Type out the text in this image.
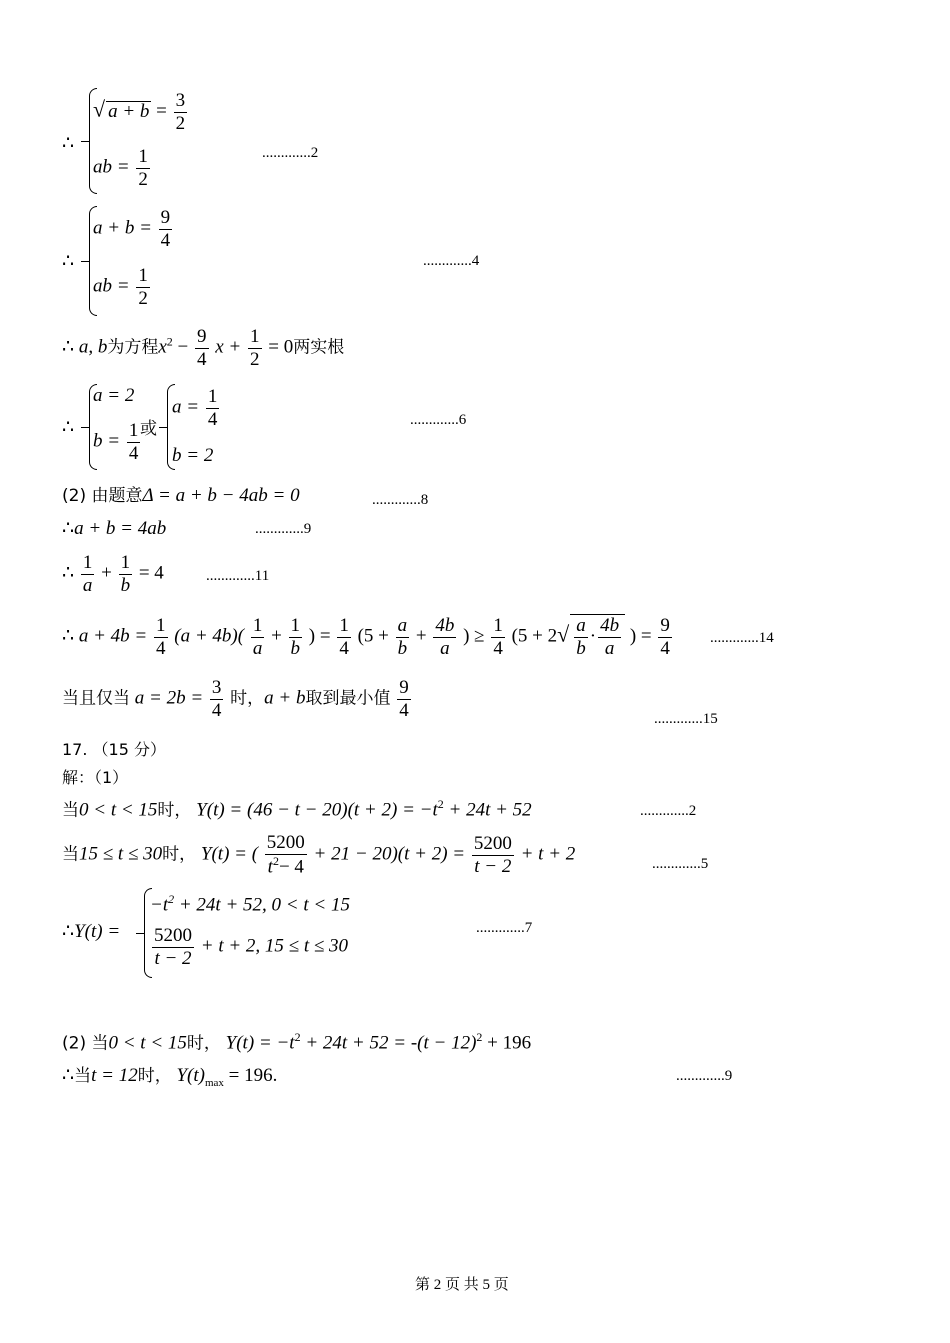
∴
√ $a + b = \frac{3}{2}$
ab = $\frac{1}{2}$	.............2
∴
$a + b = \frac{9}{4}$
ab = $\frac{1}{2}$
.............4
∴ a, b为方程$x^2 - \frac{9}{4}$ $x + \frac{1}{2} = 0$两实根
∴
a = 2
$b = \frac{1}{4}$ 或
$a = \frac{1}{4}$
b = 2
.............6
(2) 由题意Δ = a + b − 4ab = 0	.............8
∴a + b = 4ab	.............9
∴ $\frac{1}{a} + \frac{1}{b} = 4$	.............11
∴ $a + 4b = \frac{1}{4} (a + 4b)( \frac{1}{a} + \frac{1}{b}$ ) = $\frac{1}{4} (5 + \frac{a}{b} + \frac{4b}{a}$ ) ≥ $\frac{1}{4} (5 + 2√ \frac{a}{b} \cdot \frac{4b}{a}$ ) = $\frac{9}{4}$	.............14
当且仅当 $a = 2b = \frac{3}{4}$ 时，a + b取到最小值 $\frac{9}{4}$	.............15
17. （15 分）
解：（1）
当0 < t < 15时， $Y(t) = (46 - t - 20)(t + 2) = -t^2 + 24t + 52$	.............2
当15 ≤ t ≤ 30时， Y(t) = ( $\frac{5200}{t^2- 4} + 21 - 20)(t + 2) = \frac{5200}{t - 2} + t + 2$	.............5
∴Y(t) =
$-t^2 + 24t + 52$, 0 < t < 15
$\frac{5200}{t - 2} + t + 2$, 15 ≤ t ≤ 30
.............7
(2) 当0 < t < 15时， $Y(t) = -t^2 + 24t + 52 = -(t - 12)^2 + 196$
∴当t = 12时， $Y(t)_{max} = 196$.	.............9
第 2 页 共 5 页
